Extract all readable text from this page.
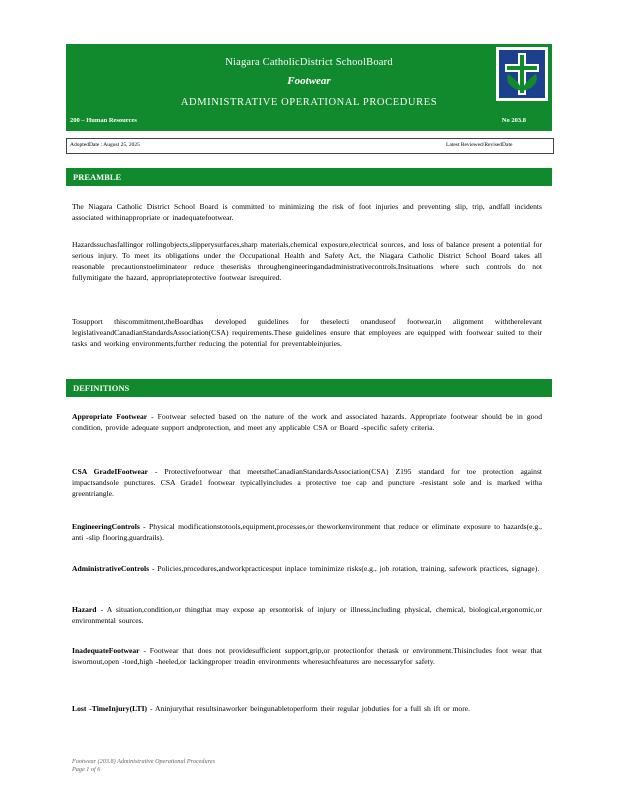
Niagara CatholicDistrict SchoolBoard
Footwear
ADMINISTRATIVE OPERATIONAL PROCEDURES
200 – Human Resources	No 203.8
AdoptedDate : August 25, 2025	Latest Reviewed/RevisedDate
PREAMBLE

The Niagara Catholic District School Board is committed to minimizing the risk of foot injuries and preventing slip, trip, andfall incidents associated withinappropriate or inadequatefootwear.

Hazardssuchasfallingor rollingobjects,slipperysurfaces,sharp materials,chemical exposure,electrical sources, and loss of balance present a potential for serious injury. To meet its obligations under the Occupational Health and Safety Act, the Niagara Catholic District School Board takes all reasonable precautionstoeliminateor reduce theserisks throughengineeringandadministrativecontrols.Insituations where such controls do not fullymitigate the hazard, appropriateprotective footwear isrequired.

Tosupport thiscommitment,theBoardhas developed guidelines for theselecti onanduseof footwear,in alignment withtherelevant legislativeandCanadianStandardsAssociation(CSA) requirements.These guidelines ensure that employees are equipped with footwear suited to their tasks and working environments,further reducing the potential for preventableinjuries.

DEFINITIONS

Appropriate Footwear - Footwear selected based on the nature of the work and associated hazards. Appropriate footwear should be in good condition, provide adequate support andprotection, and meet any applicable CSA or Board -specific safety criteria.

CSA GradeIFootwear - Protectivefootwear that meetstheCanadianStandardsAssociation(CSA) Z195 standard for toe protection against impactsandsole punctures. CSA Grade1 footwear typicallyincludes a protective toe cap and puncture -resistant sole and is marked witha greentriangle.

EngineeringControls - Physical modificationstotools,equipment,processes,or theworkenvironment that reduce or eliminate exposure to hazards(e.g., anti -slip flooring,guardrails).

AdministrativeControls - Policies,procedures,andworkpracticesput inplace tominimize risks(e.g., job rotation, training, safework practices, signage).

Hazard - A situation,condition,or thingthat may expose ap ersontorisk of injury or illness,including physical, chemical, biological,ergonomic,or environmental sources.

InadequateFootwear - Footwear that does not providesufficient support,grip,or protectionfor thetask or environment.Thisincludes foot wear that iswornout,open -toed,high -heeled,or lackingproper treadin environments wheresuchfeatures are necessaryfor safety.

Lost -TimeInjury(LTI) - Aninjurythat resultsinaworker beingunabletoperform their regular jobduties for a full sh ift or more.

Footwear (203.8) Administrative Operational Procedures
Page 1 of 6
